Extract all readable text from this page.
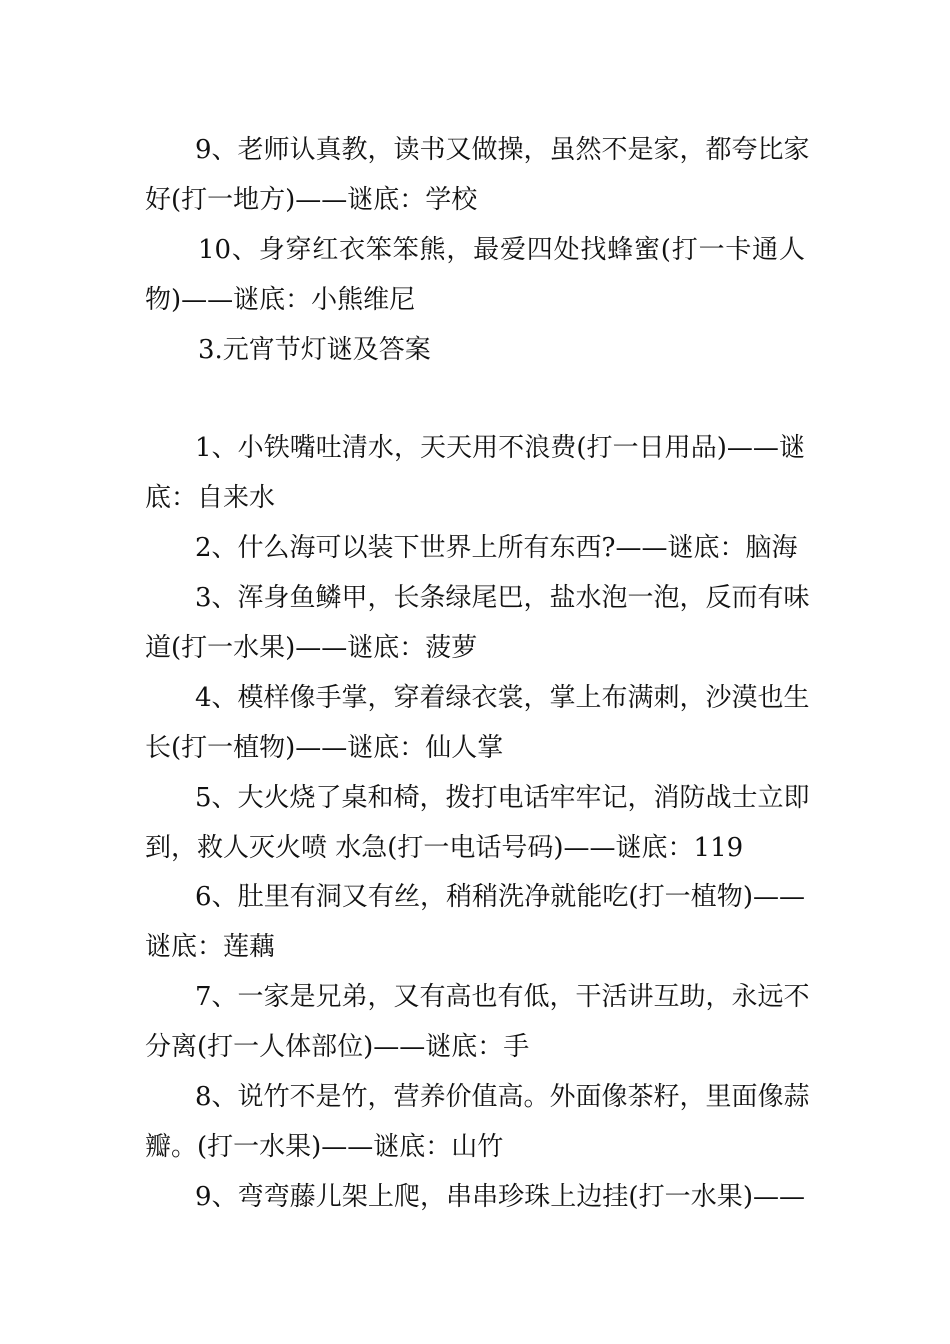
9、老师认真教，读书又做操，虽然不是家，都夸比家
好(打一地方)——谜底：学校
10、身穿红衣笨笨熊，最爱四处找蜂蜜(打一卡通人
物)——谜底：小熊维尼
3.元宵节灯谜及答案
1、小铁嘴吐清水，天天用不浪费(打一日用品)——谜
底：自来水
2、什么海可以装下世界上所有东西?——谜底：脑海
3、浑身鱼鳞甲，长条绿尾巴，盐水泡一泡，反而有味
道(打一水果)——谜底：菠萝
4、模样像手掌，穿着绿衣裳，掌上布满刺，沙漠也生
长(打一植物)——谜底：仙人掌
5、大火烧了桌和椅，拨打电话牢牢记，消防战士立即
到，救人灭火喷 水急(打一电话号码)——谜底：119
6、肚里有洞又有丝，稍稍洗净就能吃(打一植物)——
谜底：莲藕
7、一家是兄弟，又有高也有低，干活讲互助，永远不
分离(打一人体部位)——谜底：手
8、说竹不是竹，营养价值高。外面像茶籽，里面像蒜
瓣。(打一水果)——谜底：山竹
9、弯弯藤儿架上爬，串串珍珠上边挂(打一水果)——
